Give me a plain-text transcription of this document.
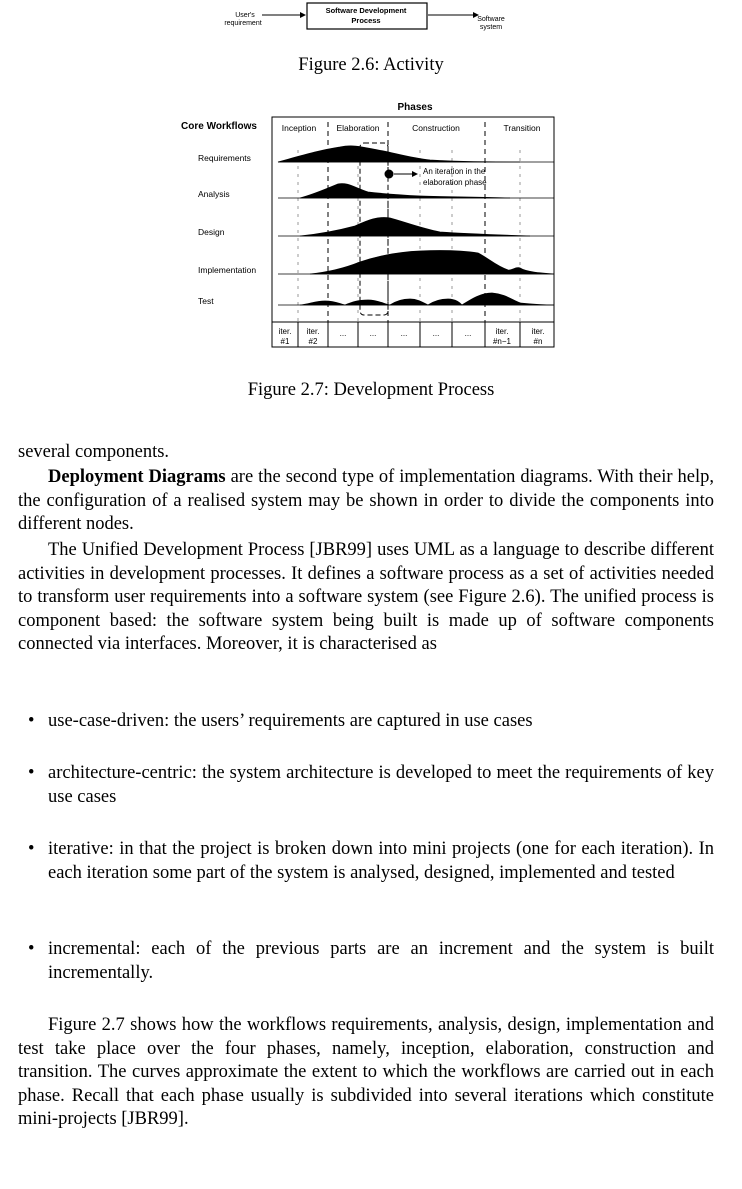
User's
requirement
Software Development
Process	Software
system
Figure 2.6: Activity
Phases
Core Workflows	Inception Elaboration	Construction	Transition
Requirements
Analysis
Design
Implementation
Test
An iteration in the
elaboration phase
iter.
#1
iter.
#2
...	...	...	...	...	iter.
#n−1
iter.
#n
Figure 2.7: Development Process
several components.
Deployment Diagrams are the second type of implementation diagrams. With their help, the configuration of a realised system may be shown in order to divide the components into different nodes.
The Unified Development Process [JBR99] uses UML as a language to describe different activities in development processes. It defines a software process as a set of activities needed to transform user requirements into a software system (see Figure 2.6). The unified process is component based: the software system being built is made up of software components connected via interfaces. Moreover, it is characterised as
• use-case-driven: the users’ requirements are captured in use cases
• architecture-centric: the system architecture is developed to meet the requirements of key use cases
• iterative: in that the project is broken down into mini projects (one for each iteration). In each iteration some part of the system is analysed, designed, implemented and tested
• incremental: each of the previous parts are an increment and the system is built incrementally.
Figure 2.7 shows how the workflows requirements, analysis, design, implementation and test take place over the four phases, namely, inception, elaboration, construction and transition. The curves approximate the extent to which the workflows are carried out in each phase. Recall that each phase usually is subdivided into several iterations which constitute mini-projects [JBR99].
